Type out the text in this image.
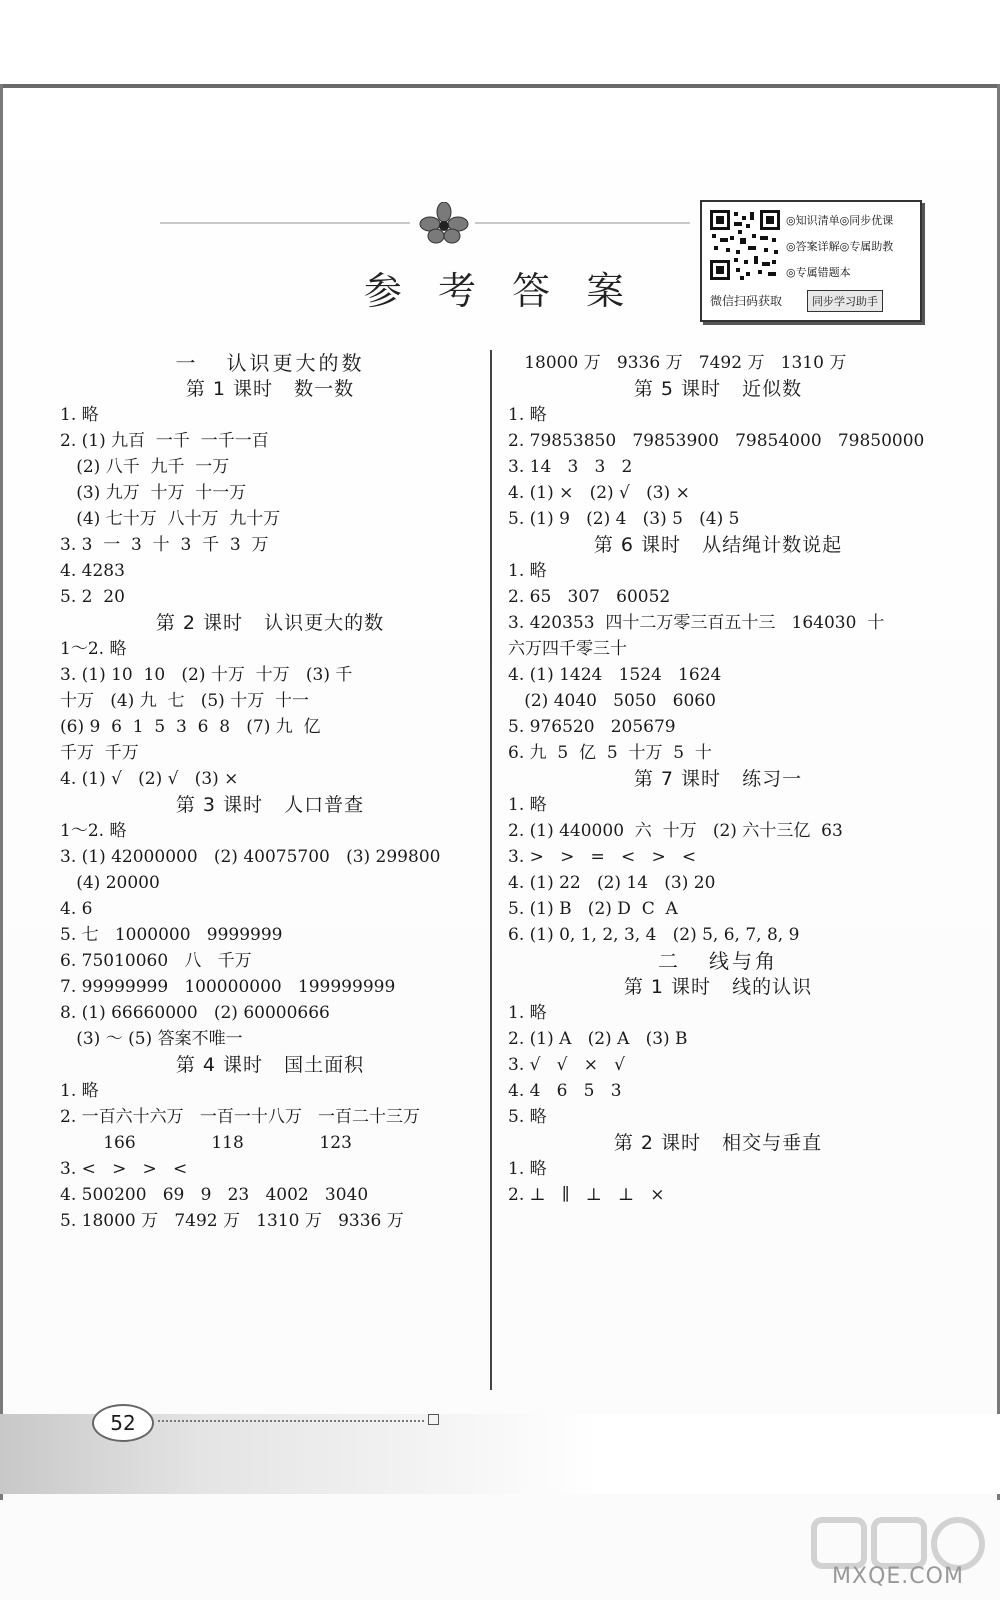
参 考 答 案
◎知识清单◎同步优课
◎答案详解◎专属助教
◎专属错题本
微信扫码获取	同步学习助手
一   认识更大的数
第 1 课时   数一数
1. 略
2. (1) 九百  一千  一千一百
(2) 八千  九千  一万
(3) 九万  十万  十一万
(4) 七十万  八十万  九十万
3. 3  一  3  十  3  千  3  万
4. 4283
5. 2  20
第 2 课时   认识更大的数
1～2. 略
3. (1) 10  10   (2) 十万  十万   (3) 千
十万   (4) 九  七   (5) 十万  十一
(6) 9  6  1  5  3  6  8   (7) 九  亿
千万  千万
4. (1) √   (2) √   (3) ×
第 3 课时   人口普查
1～2. 略
3. (1) 42000000   (2) 40075700   (3) 299800
(4) 20000
4. 6
5. 七   1000000   9999999
6. 75010060   八   千万
7. 99999999   100000000   199999999
8. (1) 66660000   (2) 60000666
(3) ～ (5) 答案不唯一
第 4 课时   国土面积
1. 略
2. 一百六十六万   一百一十八万   一百二十三万
166              118              123
3. <   >   >   <
4. 500200   69   9   23   4002   3040
5. 18000 万   7492 万   1310 万   9336 万
18000 万   9336 万   7492 万   1310 万
第 5 课时   近似数
1. 略
2. 79853850   79853900   79854000   79850000
3. 14   3   3   2
4. (1) ×   (2) √   (3) ×
5. (1) 9   (2) 4   (3) 5   (4) 5
第 6 课时   从结绳计数说起
1. 略
2. 65   307   60052
3. 420353  四十二万零三百五十三   164030  十
六万四千零三十
4. (1) 1424   1524   1624
(2) 4040   5050   6060
5. 976520   205679
6. 九  5  亿  5  十万  5  十
第 7 课时   练习一
1. 略
2. (1) 440000  六  十万   (2) 六十三亿  63
3. >   >   =   <   >   <
4. (1) 22   (2) 14   (3) 20
5. (1) B   (2) D  C  A
6. (1) 0, 1, 2, 3, 4   (2) 5, 6, 7, 8, 9
二   线与角
第 1 课时   线的认识
1. 略
2. (1) A   (2) A   (3) B
3. √   √   ×   √
4. 4   6   5   3
5. 略
第 2 课时   相交与垂直
1. 略
2. ⊥   ∥   ⊥   ⊥   ×
52
MXQE.COM
